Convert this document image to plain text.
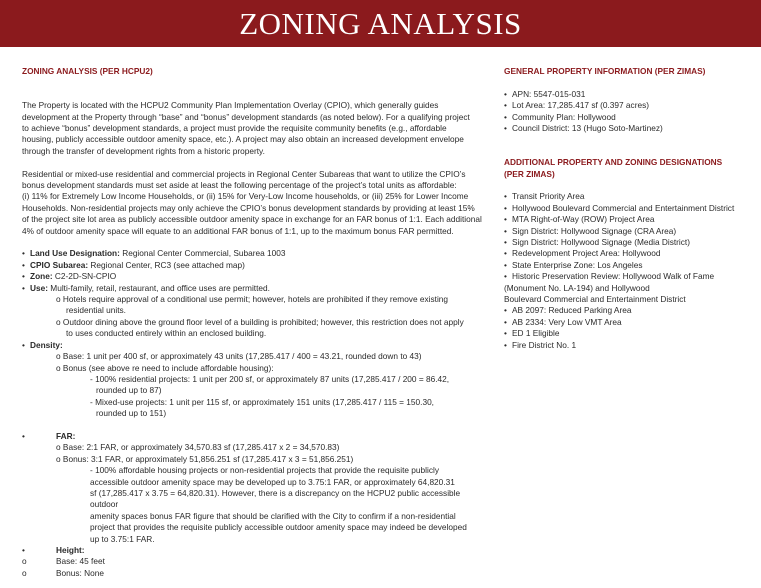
ZONING ANALYSIS
ZONING ANALYSIS (PER HCPU2)

The Property is located with the HCPU2 Community Plan Implementation Overlay (CPIO), which generally guides

development at the Property through “base” and “bonus” development standards (as noted below). For a qualifying project

to achieve “bonus” development standards, a project must provide the requisite community benefits (e.g., affordable

housing, publicly accessible outdoor amenity space, etc.). A project may also obtain an increased development envelope

through the transfer of development rights from a historic property.

Residential or mixed-use residential and commercial projects in Regional Center Subareas that want to utilize the CPIO’s

bonus development standards must set aside at least the following percentage of the project’s total units as affordable:

(i) 11% for Extremely Low Income Households, or (ii) 15% for Very-Low Income households, or (iii) 25% for Lower Income

Households. Non-residential projects may only achieve the CPIO’s bonus development standards by providing at least 15%

of the project site lot area as publicly accessible outdoor amenity space in exchange for an FAR bonus of 1:1. Each additional

4% of outdoor amenity space will equate to an additional FAR bonus of 1:1, up to the maximum bonus FAR permitted.

• Land Use Designation: Regional Center Commercial, Subarea 1003
• CPIO Subarea: Regional Center, RC3 (see attached map)
• Zone: C2-2D-SN-CPIO
• Use: Multi-family, retail, restaurant, and office uses are permitted.
o Hotels require approval of a conditional use permit; however, hotels are prohibited if they remove existing
residential units.
o Outdoor dining above the ground floor level of a building is prohibited; however, this restriction does not apply
to uses conducted entirely within an enclosed building.
• Density:
o Base: 1 unit per 400 sf, or approximately 43 units (17,285.417 / 400 = 43.21, rounded down to 43)
o Bonus (see above re need to include affordable housing):
- 100% residential projects: 1 unit per 200 sf, or approximately 87 units (17,285.417 / 200 = 86.42,
rounded up to 87)
- Mixed-use projects: 1 unit per 115 sf, or approximately 151 units (17,285.417 / 115 = 150.30,
rounded up to 151)
• FAR:
o Base: 2:1 FAR, or approximately 34,570.83 sf (17,285.417 x 2 = 34,570.83)
o Bonus: 3:1 FAR, or approximately 51,856.251 sf (17,285.417 x 3 = 51,856.251)
- 100% affordable housing projects or non-residential projects that provide the requisite publicly
accessible outdoor amenity space may be developed up to 3.75:1 FAR, or approximately 64,820.31
sf (17,285.417 x 3.75 = 64,820.31). However, there is a discrepancy on the HCPU2 public accessible outdoor
amenity spaces bonus FAR figure that should be clarified with the City to confirm if a non-residential
project that provides the requisite publicly accessible outdoor amenity space may indeed be developed
up to 3.75:1 FAR.
• Height:
o	Base: 45 feet
o	Bonus: None
GENERAL PROPERTY INFORMATION (PER ZIMAS)
• APN: 5547-015-031
• Lot Area: 17,285.417 sf (0.397 acres)
• Community Plan: Hollywood
• Council District: 13 (Hugo Soto-Martinez)
ADDITIONAL PROPERTY AND ZONING DESIGNATIONS
(PER ZIMAS)
• Transit Priority Area
• Hollywood Boulevard Commercial and Entertainment District
• MTA Right-of-Way (ROW) Project Area
• Sign District: Hollywood Signage (CRA Area)
• Sign District: Hollywood Signage (Media District)
• Redevelopment Project Area: Hollywood
• State Enterprise Zone: Los Angeles
• Historic Preservation Review: Hollywood Walk of Fame
(Monument No. LA-194) and Hollywood
Boulevard Commercial and Entertainment District
• AB 2097: Reduced Parking Area
• AB 2334: Very Low VMT Area
• ED 1 Eligible
• Fire District No. 1
